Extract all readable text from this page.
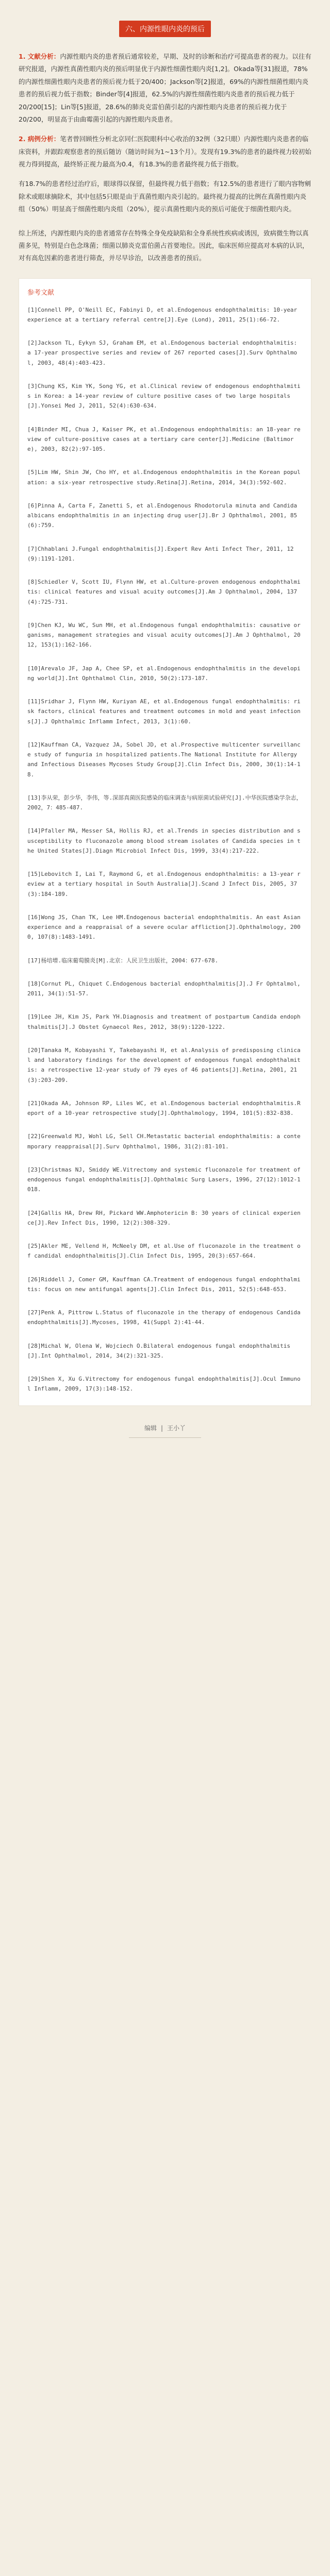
六、内源性眼内炎的预后

1. 文献分析：内源性眼内炎的患者预后通常较差，早期、及时的诊断和治疗可提高患者的视力。以往有研究报道，内源性真菌性眼内炎的预后明显优于内源性细菌性眼内炎[1,2]。Okada等[31]报道，78%的内源性细菌性眼内炎患者的预后视力低于20/400；Jackson等[2]报道，69%的内源性细菌性眼内炎患者的预后视力低于指数；Binder等[4]报道，62.5%的内源性细菌性眼内炎患者的预后视力低于20/200[15]；Lin等[5]报道，28.6%的肺炎克雷伯菌引起的内源性眼内炎患者的预后视力优于20/200，明显高于由曲霉菌引起的内源性眼内炎患者。

2. 病例分析：笔者曾回顾性分析北京同仁医院眼科中心收治的32例（32只眼）内源性眼内炎患者的临床资料，并跟踪观察患者的预后随访（随访时间为1~13个月）。发现有19.3%的患者的最终视力较初始视力得到提高，最终矫正视力最高为0.4，有18.3%的患者最终视力低于指数。

有18.7%的患者经过治疗后，眼球得以保留，但最终视力低于指数；有12.5%的患者进行了眼内容物剜除术或眼球摘除术，其中包括5只眼是由于真菌性眼内炎引起的。最终视力提高的比例在真菌性眼内炎组（50%）明显高于细菌性眼内炎组（20%），提示真菌性眼内炎的预后可能优于细菌性眼内炎。

综上所述，内源性眼内炎的患者通常存在特殊全身免疫缺陷和全身系统性疾病或诱因，致病微生物以真菌多见，特别是白色念珠菌；细菌以肺炎克雷伯菌占首要地位。因此，临床医师应提高对本病的认识，对有高危因素的患者进行筛查，并尽早诊治，以改善患者的预后。

参考文献
[1]Connell PP, O'Neill EC, Fabinyi D, et al.Endogenous endophthalmitis: 10-year experience at a tertiary referral centre[J].Eye (Lond), 2011, 25(1):66-72.
[2]Jackson TL, Eykyn SJ, Graham EM, et al.Endogenous bacterial endophthalmitis: a 17-year prospective series and review of 267 reported cases[J].Surv Ophthalmol, 2003, 48(4):403-423.
[3]Chung KS, Kim YK, Song YG, et al.Clinical review of endogenous endophthalmitis in Korea: a 14-year review of culture positive cases of two large hospitals[J].Yonsei Med J, 2011, 52(4):630-634.
[4]Binder MI, Chua J, Kaiser PK, et al.Endogenous endophthalmitis: an 18-year review of culture-positive cases at a tertiary care center[J].Medicine (Baltimore), 2003, 82(2):97-105.
[5]Lim HW, Shin JW, Cho HY, et al.Endogenous endophthalmitis in the Korean population: a six-year retrospective study.Retina[J].Retina, 2014, 34(3):592-602.
[6]Pinna A, Carta F, Zanetti S, et al.Endogenous Rhodotorula minuta and Candida albicans endophthalmitis in an injecting drug user[J].Br J Ophthalmol, 2001, 85(6):759.
[7]Chhablani J.Fungal endophthalmitis[J].Expert Rev Anti Infect Ther, 2011, 12(9):1191-1201.
[8]Schiedler V, Scott IU, Flynn HW, et al.Culture-proven endogenous endophthalmitis: clinical features and visual acuity outcomes[J].Am J Ophthalmol, 2004, 137(4):725-731.
[9]Chen KJ, Wu WC, Sun MH, et al.Endogenous fungal endophthalmitis: causative organisms, management strategies and visual acuity outcomes[J].Am J Ophthalmol, 2012, 153(1):162-166.
[10]Arevalo JF, Jap A, Chee SP, et al.Endogenous endophthalmitis in the developing world[J].Int Ophthalmol Clin, 2010, 50(2):173-187.
[11]Sridhar J, Flynn HW, Kuriyan AE, et al.Endogenous fungal endophthalmitis: risk factors, clinical features and treatment outcomes in mold and yeast infections[J].J Ophthalmic Inflamm Infect, 2013, 3(1):60.
[12]Kauffman CA, Vazquez JA, Sobel JD, et al.Prospective multicenter surveillance study of funguria in hospitalized patients.The National Institute for Allergy and Infectious Diseases Mycoses Study Group[J].Clin Infect Dis, 2000, 30(1):14-18.
[13]李从荣，彭少华，李伟，等.深部真菌医院感染的临床调查与病原菌试验研究[J].中华医院感染学杂志，2002，7：485-487.
[14]Pfaller MA, Messer SA, Hollis RJ, et al.Trends in species distribution and susceptibility to fluconazole among blood stream isolates of Candida species in the United States[J].Diagn Microbiol Infect Dis, 1999, 33(4):217-222.
[15]Lebovitch I, Lai T, Raymond G, et al.Endogenous endophthalmitis: a 13-year review at a tertiary hospital in South Australia[J].Scand J Infect Dis, 2005, 37(3):184-189.
[16]Wong JS, Chan TK, Lee HM.Endogenous bacterial endophthalmitis. An east Asian experience and a reappraisal of a severe ocular affliction[J].Ophthalmology, 2000, 107(8):1483-1491.
[17]杨培增.临床葡萄膜炎[M].北京：人民卫生出版社，2004：677-678.
[18]Cornut PL, Chiquet C.Endogenous bacterial endophthalmitis[J].J Fr Ophtalmol, 2011, 34(1):51-57.
[19]Lee JH, Kim JS, Park YH.Diagnosis and treatment of postpartum Candida endophthalmitis[J].J Obstet Gynaecol Res, 2012, 38(9):1220-1222.
[20]Tanaka M, Kobayashi Y, Takebayashi H, et al.Analysis of predisposing clinical and laboratory findings for the development of endogenous fungal endophthalmitis: a retrospective 12-year study of 79 eyes of 46 patients[J].Retina, 2001, 21(3):203-209.
[21]Okada AA, Johnson RP, Liles WC, et al.Endogenous bacterial endophthalmitis.Report of a 10-year retrospective study[J].Ophthalmology, 1994, 101(5):832-838.
[22]Greenwald MJ, Wohl LG, Sell CH.Metastatic bacterial endophthalmitis: a contemporary reappraisal[J].Surv Ophthalmol, 1986, 31(2):81-101.
[23]Christmas NJ, Smiddy WE.Vitrectomy and systemic fluconazole for treatment of endogenous fungal endophthalmitis[J].Ophthalmic Surg Lasers, 1996, 27(12):1012-1018.
[24]Gallis HA, Drew RH, Pickard WW.Amphotericin B: 30 years of clinical experience[J].Rev Infect Dis, 1990, 12(2):308-329.
[25]Akler ME, Vellend H, McNeely DM, et al.Use of fluconazole in the treatment of candidal endophthalmitis[J].Clin Infect Dis, 1995, 20(3):657-664.
[26]Riddell J, Comer GM, Kauffman CA.Treatment of endogenous fungal endophthalmitis: focus on new antifungal agents[J].Clin Infect Dis, 2011, 52(5):648-653.
[27]Penk A, Pittrow L.Status of fluconazole in the therapy of endogenous Candida endophthalmitis[J].Mycoses, 1998, 41(Suppl 2):41-44.
[28]Michal W, Olena W, Wojciech O.Bilateral endogenous fungal endophthalmitis[J].Int Ophthalmol, 2014, 34(2):321-325.
[29]Shen X, Xu G.Vitrectomy for endogenous fungal endophthalmitis[J].Ocul Immunol Inflamm, 2009, 17(3):148-152.
编辑 | 王小丫
